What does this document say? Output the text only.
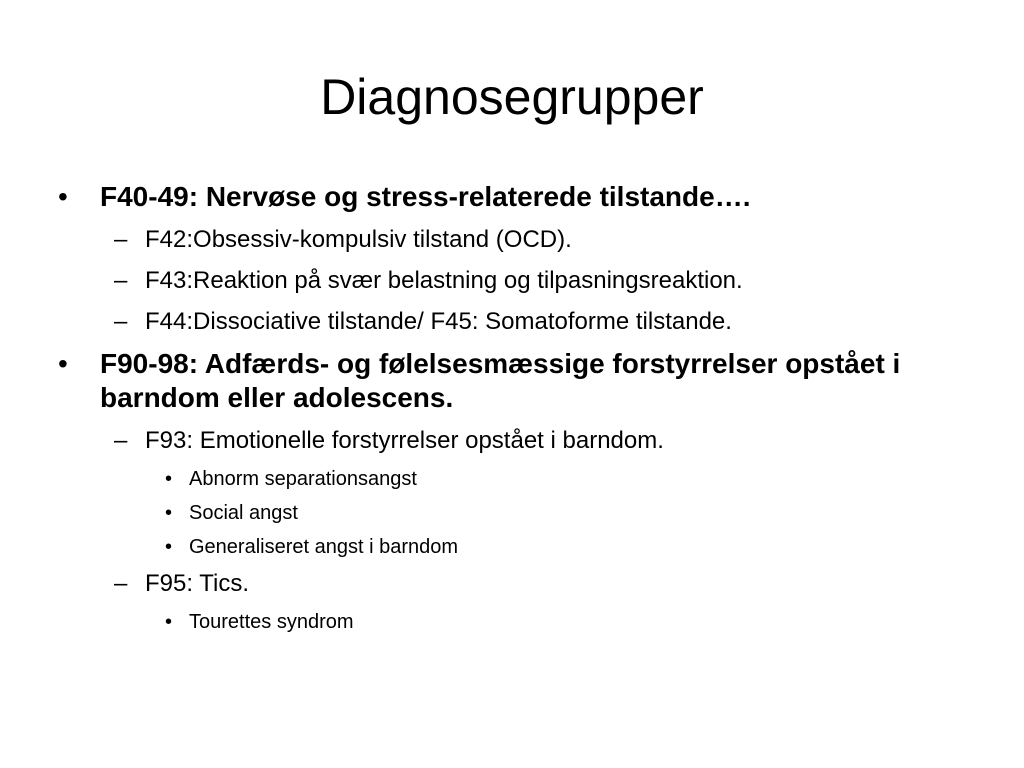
Diagnosegrupper
• F40-49: Nervøse og stress-relaterede tilstande….
– F42:Obsessiv-kompulsiv tilstand (OCD).
– F43:Reaktion på svær belastning og tilpasningsreaktion.
– F44:Dissociative tilstande/ F45: Somatoforme tilstande.
• F90-98: Adfærds- og følelsesmæssige forstyrrelser opstået i barndom eller adolescens.
– F93: Emotionelle forstyrrelser opstået i barndom.
• Abnorm separationsangst
• Social angst
• Generaliseret angst i barndom
– F95: Tics.
• Tourettes syndrom
